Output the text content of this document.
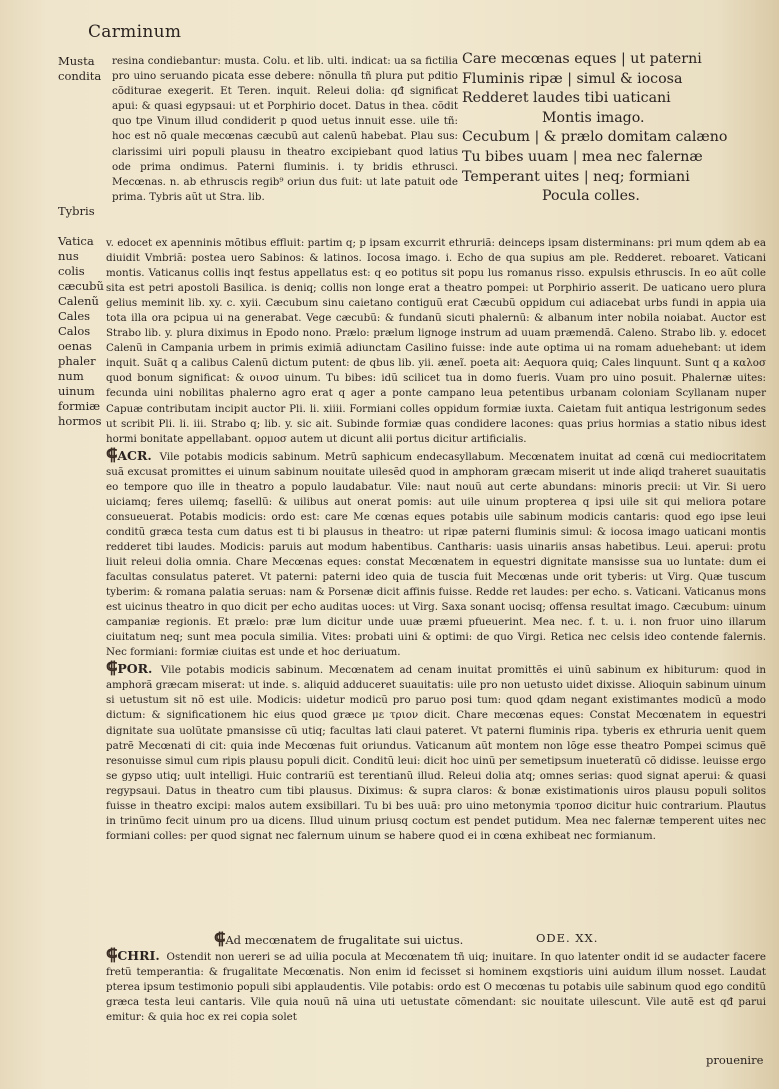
Carminum
Musta
condita

Tybris

Vatica
nus
colis
cæcubũ
Calenũ
Cales
Calos
oenas
phaler
num
uinum
formiæ
hormos
resina condiebantur: musta. Colu. et lib. ulti. indicat: ua sa fictilia pro uino seruando picata esse debere: nõnulla tñ plura put pditio cõditurae exegerit. Et Teren. inquit. Releui dolia: qđ significat apui: & quasi egypsaui: ut et Porphirio docet. Datus in thea. cõdit quo tpe Vinum illud condiderit p quod uetus innuit esse. uile tñ: hoc est nõ quale mecœnas cæcubũ aut calenũ habebat. Plau sus: clarissimi uiri populi plausu in theatro excipiebant quod latius ode prima ondimus. Paterni fluminis. i. ty bridis ethrusci. Mecœnas. n. ab ethruscis regib⁹ oriun dus fuit: ut late patuit ode prima. Tybris aũt ut Stra. lib.
Care mecœnas eques | ut paterni
Fluminis ripæ | simul & iocosa
Redderet laudes tibi uaticani
Montis imago.
Cecubum | & prælo domitam calæno
Tu bibes uuam | mea nec falernæ
Temperant uites | neq; formiani
Pocula colles.

v. edocet ex apenninis mõtibus effluit: partim q; p ipsam excurrit ethruriã: deinceps ipsam disterminans: pri mum qdem ab ea diuidit Vmbriã: postea uero Sabinos: & latinos. Iocosa imago. i. Echo de qua supius am ple. Redderet. reboaret. Vaticani montis. Vaticanus collis inqt festus appellatus est: q eo potitus sit popu lus romanus risso. expulsis ethruscis. In eo aũt colle sita est petri apostoli Basilica. is deniq; collis non longe erat a theatro pompei: ut Porphirio asserit. De uaticano uero plura gelius meminit lib. xy. c. xyii. Cæcubum sinu caietano contiguũ erat Cæcubũ oppidum cui adiacebat urbs fundi in appia uia tota illa ora pcipua ui na generabat. Vege cæcubũ: & fundanũ sicuti phalernũ: & albanum inter nobila noiabat. Auctor est Strabo lib. y. plura diximus in Epodo nono. Prælo: prælum lignoge instrum ad uuam præmendã. Caleno. Strabo lib. y. edocet Calenũ in Campania urbem in primis eximiã adiunctam Casilino fuisse: inde aute optima ui na romam aduehebant: ut idem inquit. Suãt q a calibus Calenũ dictum putent: de qbus lib. yii. æneĩ. poeta ait: Aequora quiq; Cales linquunt. Sunt q a καλοσ quod bonum significat: & οινοσ uinum. Tu bibes: idũ scilicet tua in domo fueris. Vuam pro uino posuit. Phalernæ uites: fecunda uini nobilitas phalerno agro erat q ager a ponte campano leua petentibus urbanam coloniam Scyllanam nuper Capuæ contributam incipit auctor Pli. li. xiiii. Formiani colles oppidum formiæ iuxta. Caietam fuit antiqua lestrigonum sedes ut scribit Pli. li. iii. Strabo q; lib. y. sic ait. Subinde formiæ quas condidere lacones: quas prius hormias a statio nibus idest hormi bonitate appellabant. ορμοσ autem ut dicunt alii portus dicitur artificialis.

⸿ACR. Vile potabis modicis sabinum. Metrũ saphicum endecasyllabum. Mecœnatem inuitat ad cœnã cui mediocritatem suã excusat promittes ei uinum sabinum nouitate uilesẽd quod in amphoram græcam miserit ut inde aliqd traheret suauitatis eo tempore quo ille in theatro a populo laudabatur. Vile: naut nouũ aut certe abundans: minoris precii: ut Vir. Si uero uiciamq; feres uilemq; fasellũ: & uilibus aut onerat pomis: aut uile uinum propterea q ipsi uile sit qui meliora potare consueuerat. Potabis modicis: ordo est: care Me cœnas eques potabis uile sabinum modicis cantaris: quod ego ipse leui conditũ græca testa cum datus est ti bi plausus in theatro: ut ripæ paterni fluminis simul: & iocosa imago uaticani montis redderet tibi laudes. Modicis: paruis aut modum habentibus. Cantharis: uasis uinariis ansas habetibus. Leui. aperui: protu liuit releui dolia omnia. Chare Mecœnas eques: constat Mecœnatem in equestri dignitate mansisse sua uo luntate: dum ei facultas consulatus pateret. Vt paterni: paterni ideo quia de tuscia fuit Mecœnas unde orit tyberis: ut Virg. Quæ tuscum tyberim: & romana palatia seruas: nam & Porsenæ dicit affinis fuisse. Redde ret laudes: per echo. s. Vaticani. Vaticanus mons est uicinus theatro in quo dicit per echo auditas uoces: ut Virg. Saxa sonant uocisq; offensa resultat imago. Cæcubum: uinum campaniæ regionis. Et prælo: præ lum dicitur unde uuæ præmi pfueuerint. Mea nec. f. t. u. i. non fruor uino illarum ciuitatum neq; sunt mea pocula similia. Vites: probati uini & optimi: de quo Virgi. Retica nec celsis ideo contende falernis. Nec formiani: formiæ ciuitas est unde et hoc deriuatum.

⸿POR. Vile potabis modicis sabinum. Mecœnatem ad cenam inuitat promittẽs ei uinũ sabinum ex hibiturum: quod in amphorã græcam miserat: ut inde. s. aliquid adduceret suauitatis: uile pro non uetusto uidet dixisse. Alioquin sabinum uinum si uetustum sit nõ est uile. Modicis: uidetur modicũ pro paruo posi tum: quod qdam negant existimantes modicũ a modo dictum: & significationem hic eius quod græce με τριον dicit. Chare mecœnas eques: Constat Mecœnatem in equestri dignitate sua uolũtate pmansisse cũ utiq; facultas lati claui pateret. Vt paterni fluminis ripa. tyberis ex ethruria uenit quem patrẽ Mecœnati di cit: quia inde Mecœnas fuit oriundus. Vaticanum aũt montem non lõge esse theatro Pompei scimus quẽ resonuisse simul cum ripis plausu populi dicit. Conditũ leui: dicit hoc uinũ per semetipsum inueteratũ cõ didisse. leuisse ergo se gypso utiq; uult intelligi. Huic contrariũ est terentianũ illud. Releui dolia atq; omnes serias: quod signat aperui: & quasi regypsaui. Datus in theatro cum tibi plausus. Diximus: & supra claros: & bonæ existimationis uiros plausu populi solitos fuisse in theatro excipi: malos autem exsibillari. Tu bi bes uuã: pro uino metonymia τροποσ dicitur huic contrarium. Plautus in trinũmo fecit uinum pro ua dicens. Illud uinum priusq coctum est pendet putidum. Mea nec falernæ temperent uites nec formiani colles: per quod signat nec falernum uinum se habere quod ei in cœna exhibeat nec formianum.

⸿Ad mecœnatem de frugalitate sui uictus.	ODE. XX.

⸿CHRI. Ostendit non uereri se ad uilia pocula at Mecœnatem tñ uiq; inuitare. In quo latenter ondit id se audacter facere fretũ temperantia: & frugalitate Mecœnatis. Non enim id fecisset si hominem exqstioris uini auidum illum nosset. Laudat pterea ipsum testimonio populi sibi applaudentis. Vile potabis: ordo est O mecœnas tu potabis uile sabinum quod ego conditũ græca testa leui cantaris. Vile quia nouũ nã uina uti uetustate cõmendant: sic nouitate uilescunt. Vile autẽ est qđ parui emitur: & quia hoc ex rei copia solet

prouenire
